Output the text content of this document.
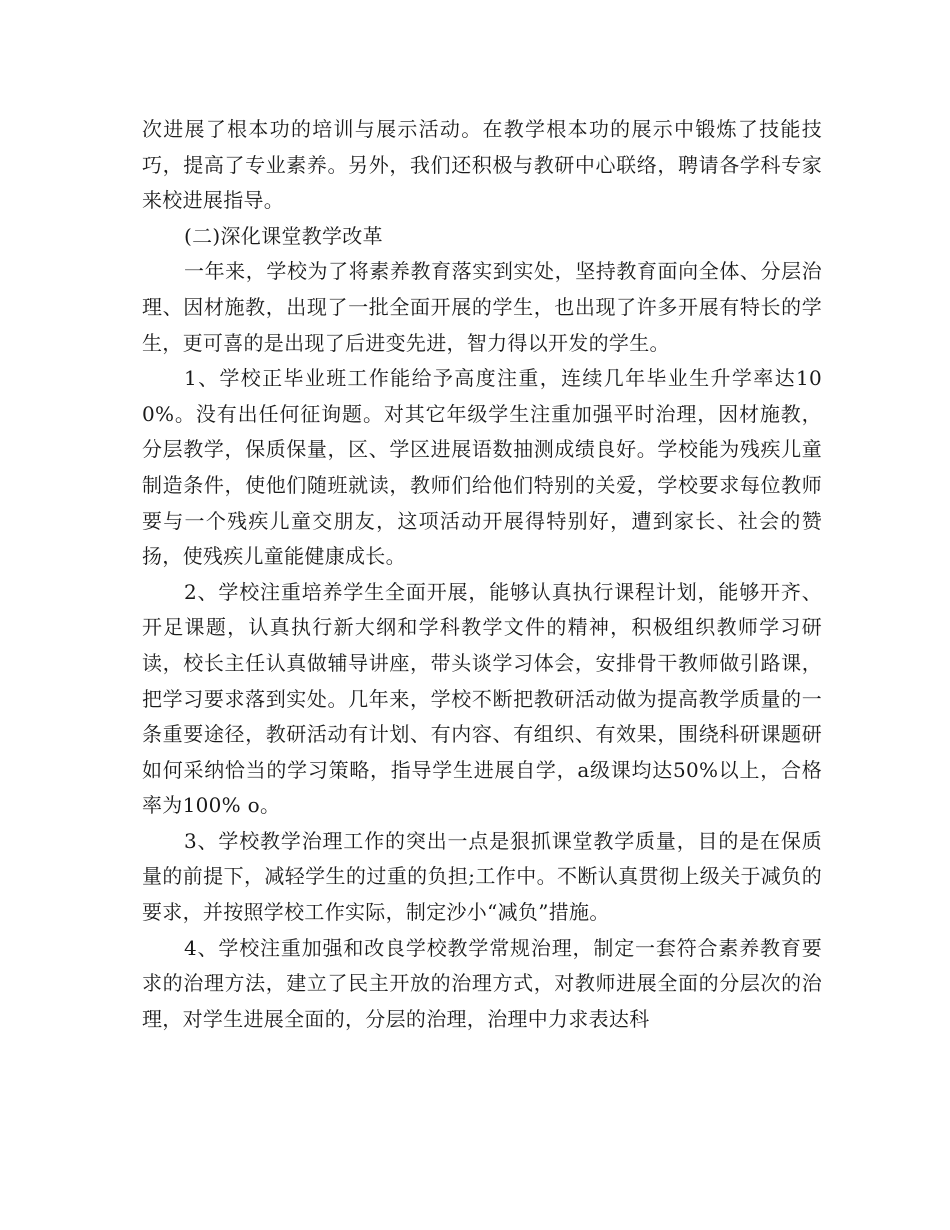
次进展了根本功的培训与展示活动。在教学根本功的展示中锻炼了技能技巧，提高了专业素养。另外，我们还积极与教研中心联络，聘请各学科专家来校进展指导。

(二)深化课堂教学改革

一年来，学校为了将素养教育落实到实处，坚持教育面向全体、分层治理、因材施教，出现了一批全面开展的学生，也出现了许多开展有特长的学生，更可喜的是出现了后进变先进，智力得以开发的学生。

1、学校正毕业班工作能给予高度注重，连续几年毕业生升学率达100%。没有出任何征询题。对其它年级学生注重加强平时治理，因材施教，分层教学，保质保量，区、学区进展语数抽测成绩良好。学校能为残疾儿童制造条件，使他们随班就读，教师们给他们特别的关爱，学校要求每位教师要与一个残疾儿童交朋友，这项活动开展得特别好，遭到家长、社会的赞扬，使残疾儿童能健康成长。

2、学校注重培养学生全面开展，能够认真执行课程计划，能够开齐、开足课题，认真执行新大纲和学科教学文件的精神，积极组织教师学习研读，校长主任认真做辅导讲座，带头谈学习体会，安排骨干教师做引路课，把学习要求落到实处。几年来，学校不断把教研活动做为提高教学质量的一条重要途径，教研活动有计划、有内容、有组织、有效果，围绕科研课题研如何采纳恰当的学习策略，指导学生进展自学，a级课均达50%以上，合格率为100% o。

3、学校教学治理工作的突出一点是狠抓课堂教学质量，目的是在保质量的前提下，减轻学生的过重的负担;工作中。不断认真贯彻上级关于减负的要求，并按照学校工作实际，制定沙小“减负”措施。

4、学校注重加强和改良学校教学常规治理，制定一套符合素养教育要求的治理方法，建立了民主开放的治理方式，对教师进展全面的分层次的治理，对学生进展全面的，分层的治理，治理中力求表达科
